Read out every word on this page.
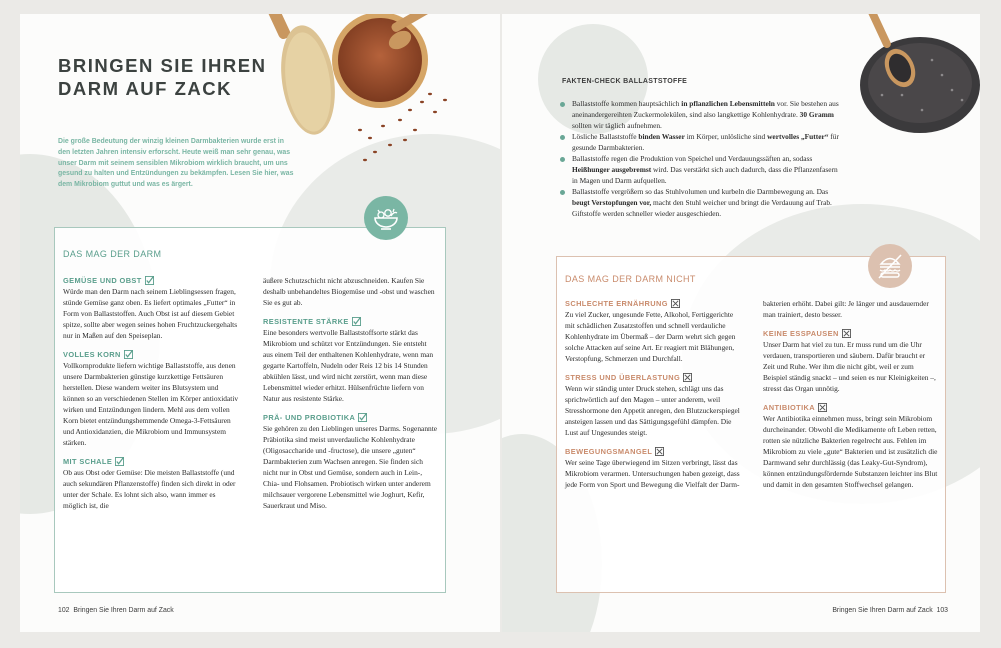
BRINGEN SIE IHREN
DARM AUF ZACK
Die große Bedeutung der winzig kleinen Darmbakterien wurde erst in den letzten Jahren intensiv erforscht. Heute weiß man sehr genau, was unser Darm mit seinem sensiblen Mikrobiom wirklich braucht, um uns gesund zu halten und Entzündungen zu bekämpfen. Lesen Sie hier, was dem Mikrobiom guttut und was es ärgert.
DAS MAG DER DARM

GEMÜSE UND OBST

Würde man den Darm nach seinem Lieblingsessen fragen, stünde Gemüse ganz oben. Es liefert optimales „Futter“ in Form von Ballaststoffen. Auch Obst ist auf diesem Gebiet spitze, sollte aber wegen seines hohen Fruchtzuckergehalts nur in Maßen auf den Speiseplan.

VOLLES KORN

Vollkornprodukte liefern wichtige Ballaststoffe, aus denen unsere Darmbakterien günstige kurzkettige Fettsäuren herstellen. Diese wandern weiter ins Blutsystem und können so an verschiedenen Stellen im Körper antioxidativ wirken und Entzündungen lindern. Mehl aus dem vollen Korn bietet entzündungshemmende Omega-3-Fettsäuren und Antioxidanzien, die Mikrobiom und Immunsystem stärken.

MIT SCHALE

Ob aus Obst oder Gemüse: Die meisten Ballaststoffe (und auch sekundären Pflanzenstoffe) finden sich direkt in oder unter der Schale. Es lohnt sich also, wann immer es möglich ist, die

äußere Schutzschicht nicht abzuschneiden. Kaufen Sie deshalb unbehandeltes Biogemüse und -obst und waschen Sie es gut ab.

RESISTENTE STÄRKE

Eine besonders wertvolle Ballaststoffsorte stärkt das Mikrobiom und schützt vor Entzündungen. Sie entsteht aus einem Teil der enthaltenen Kohlenhydrate, wenn man gegarte Kartoffeln, Nudeln oder Reis 12 bis 14 Stunden abkühlen lässt, und wird nicht zerstört, wenn man diese Lebensmittel wieder erhitzt. Hülsenfrüchte liefern von Natur aus resistente Stärke.

PRÄ- UND PROBIOTIKA

Sie gehören zu den Lieblingen unseres Darms. Sogenannte Präbiotika sind meist unverdauliche Kohlenhydrate (Oligosaccharide und -fructose), die unsere „guten“ Darmbakterien zum Wachsen anregen. Sie finden sich nicht nur in Obst und Gemüse, sondern auch in Lein-, Chia- und Flohsamen. Probiotisch wirken unter anderem milchsauer vergorene Lebensmittel wie Joghurt, Kefir, Sauerkraut und Miso.

102 Bringen Sie Ihren Darm auf Zack
FAKTEN-CHECK BALLASTSTOFFE
Ballaststoffe kommen hauptsächlich in pflanzlichen Lebensmitteln vor. Sie bestehen aus aneinandergereihten Zuckermolekülen, sind also langkettige Kohlenhydrate. 30 Gramm sollten wir täglich aufnehmen.
Lösliche Ballaststoffe binden Wasser im Körper, unlösliche sind wertvolles „Futter“ für gesunde Darmbakterien.
Ballaststoffe regen die Produktion von Speichel und Verdauungssäften an, sodass Heißhunger ausgebremst wird. Das verstärkt sich auch dadurch, dass die Pflanzenfasern in Magen und Darm aufquellen.
Ballaststoffe vergrößern so das Stuhlvolumen und kurbeln die Darmbewegung an. Das beugt Verstopfungen vor, macht den Stuhl weicher und bringt die Verdauung auf Trab. Giftstoffe werden schneller wieder ausgeschieden.
DAS MAG DER DARM NICHT

SCHLECHTE ERNÄHRUNG

Zu viel Zucker, ungesunde Fette, Alkohol, Fertiggerichte mit schädlichen Zusatzstoffen und schnell verdauliche Kohlenhydrate im Übermaß – der Darm wehrt sich gegen solche Attacken auf seine Art. Er reagiert mit Blähungen, Verstopfung, Schmerzen und Durchfall.

STRESS UND ÜBERLASTUNG

Wenn wir ständig unter Druck stehen, schlägt uns das sprichwörtlich auf den Magen – unter anderem, weil Stresshormone den Appetit anregen, den Blutzuckerspiegel ansteigen lassen und das Sättigungsgefühl dämpfen. Die Lust auf Ungesundes steigt.

BEWEGUNGSMANGEL

Wer seine Tage überwiegend im Sitzen verbringt, lässt das Mikrobiom verarmen. Untersuchungen haben gezeigt, dass jede Form von Sport und Bewegung die Vielfalt der Darm-

bakterien erhöht. Dabei gilt: Je länger und ausdauernder man trainiert, desto besser.

KEINE ESSPAUSEN

Unser Darm hat viel zu tun. Er muss rund um die Uhr verdauen, transportieren und säubern. Dafür braucht er Zeit und Ruhe. Wer ihm die nicht gibt, weil er zum Beispiel ständig snackt – und seien es nur Kleinigkeiten –, stresst das Organ unnötig.

ANTIBIOTIKA

Wer Antibiotika einnehmen muss, bringt sein Mikrobiom durcheinander. Obwohl die Medikamente oft Leben retten, rotten sie nützliche Bakterien regelrecht aus. Fehlen im Mikrobiom zu viele „gute“ Bakterien und ist zusätzlich die Darmwand sehr durchlässig (das Leaky-Gut-Syndrom), können entzündungsfördernde Substanzen leichter ins Blut und damit in den gesamten Stoffwechsel gelangen.

Bringen Sie Ihren Darm auf Zack 103
